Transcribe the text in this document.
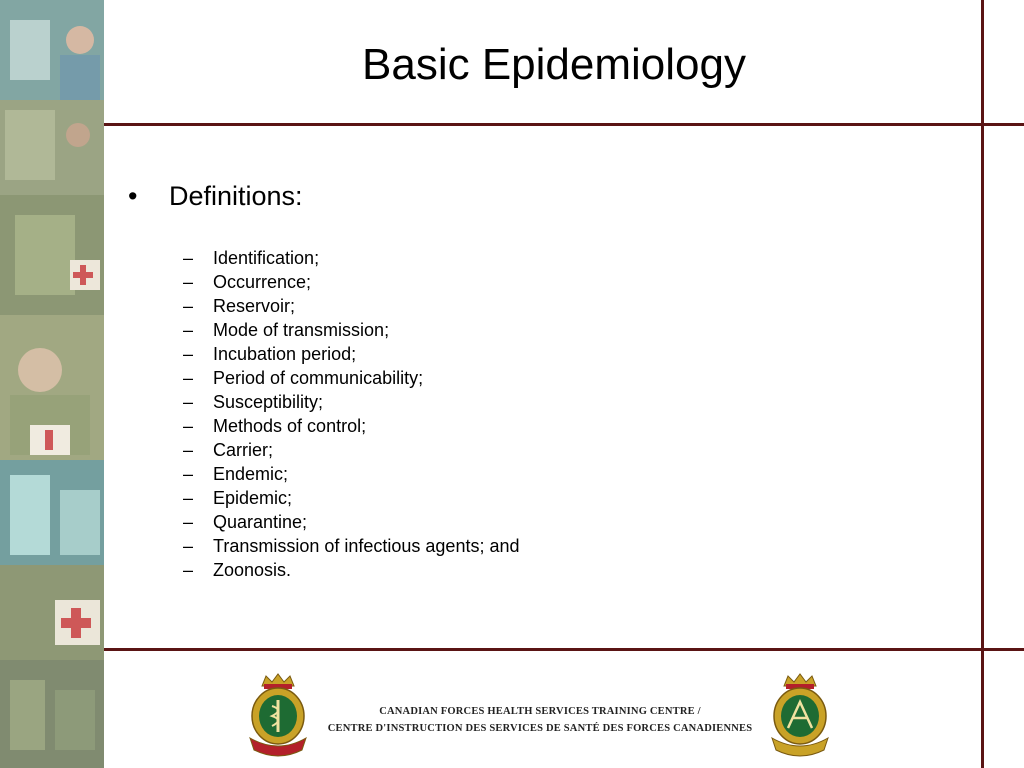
Basic Epidemiology
•	Definitions:
–	Identification;
–	Occurrence;
–	Reservoir;
–	Mode of transmission;
–	Incubation period;
–	Period of communicability;
–	Susceptibility;
–	Methods of control;
–	Carrier;
–	Endemic;
–	Epidemic;
–	Quarantine;
–	Transmission of infectious agents; and
–	Zoonosis.
CANADIAN FORCES HEALTH SERVICES TRAINING CENTRE /
CENTRE D'INSTRUCTION DES SERVICES DE SANTÉ DES FORCES CANADIENNES
